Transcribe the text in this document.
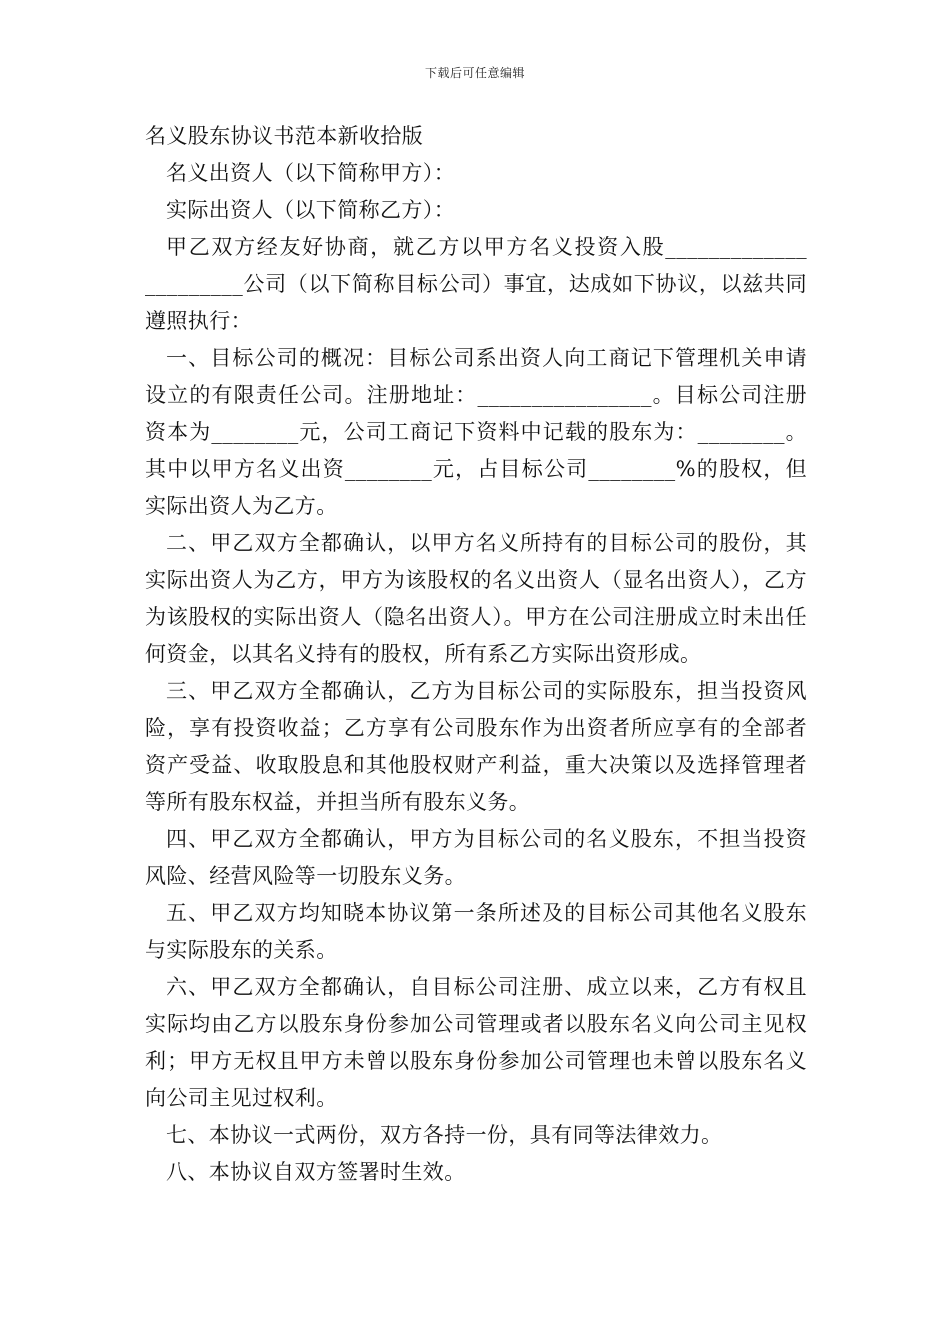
下载后可任意编辑

名义股东协议书范本新收拾版

名义出资人（以下简称甲方）：

实际出资人（以下简称乙方）：

甲乙双方经友好协商，就乙方以甲方名义投资入股_____________ _________公司（以下简称目标公司）事宜，达成如下协议，以兹共同遵照执行：

一、目标公司的概况：目标公司系出资人向工商记下管理机关申请设立的有限责任公司。注册地址：________________。目标公司注册资本为________元，公司工商记下资料中记载的股东为：________。其中以甲方名义出资________元，占目标公司________%的股权，但实际出资人为乙方。

二、甲乙双方全都确认，以甲方名义所持有的目标公司的股份，其实际出资人为乙方，甲方为该股权的名义出资人（显名出资人），乙方为该股权的实际出资人（隐名出资人）。甲方在公司注册成立时未出任何资金，以其名义持有的股权，所有系乙方实际出资形成。

三、甲乙双方全都确认，乙方为目标公司的实际股东，担当投资风险，享有投资收益；乙方享有公司股东作为出资者所应享有的全部者资产受益、收取股息和其他股权财产利益，重大决策以及选择管理者等所有股东权益，并担当所有股东义务。

四、甲乙双方全都确认，甲方为目标公司的名义股东，不担当投资风险、经营风险等一切股东义务。

五、甲乙双方均知晓本协议第一条所述及的目标公司其他名义股东与实际股东的关系。

六、甲乙双方全都确认，自目标公司注册、成立以来，乙方有权且实际均由乙方以股东身份参加公司管理或者以股东名义向公司主见权利；甲方无权且甲方未曾以股东身份参加公司管理也未曾以股东名义向公司主见过权利。

七、本协议一式两份，双方各持一份，具有同等法律效力。

八、本协议自双方签署时生效。
